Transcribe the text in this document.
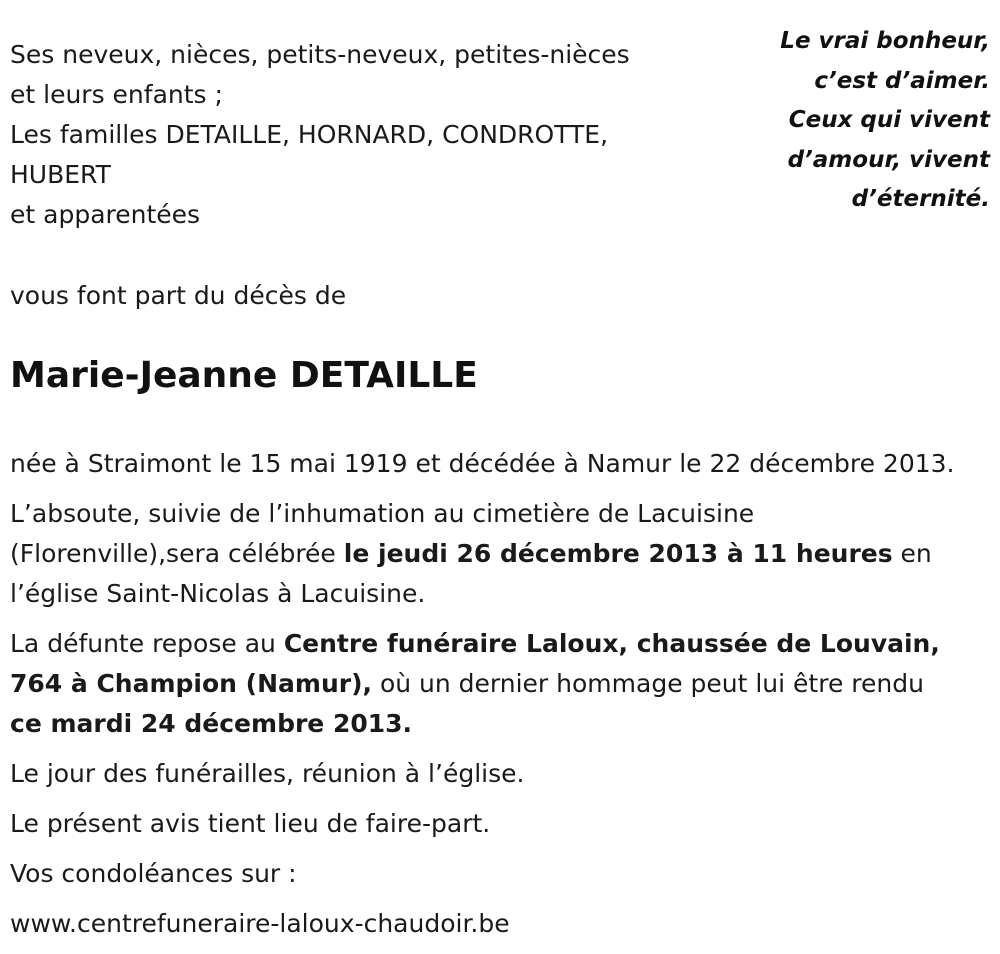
Le vrai bonheur,
c’est d’aimer.
Ceux qui vivent
d’amour, vivent
d’éternité.
Ses neveux, nièces, petits-neveux, petites-nièces
et leurs enfants ;
Les familles DETAILLE, HORNARD, CONDROTTE,
HUBERT
et apparentées
vous font part du décès de
Marie-Jeanne DETAILLE

née à Straimont le 15 mai 1919 et décédée à Namur le 22 décembre 2013.

L’absoute, suivie de l’inhumation au cimetière de Lacuisine
(Florenville),sera célébrée le jeudi 26 décembre 2013 à 11 heures en
l’église Saint-Nicolas à Lacuisine.

La défunte repose au Centre funéraire Laloux, chaussée de Louvain,
764 à Champion (Namur), où un dernier hommage peut lui être rendu
ce mardi 24 décembre 2013.

Le jour des funérailles, réunion à l’église.

Le présent avis tient lieu de faire-part.

Vos condoléances sur :

www.centrefuneraire-laloux-chaudoir.be
